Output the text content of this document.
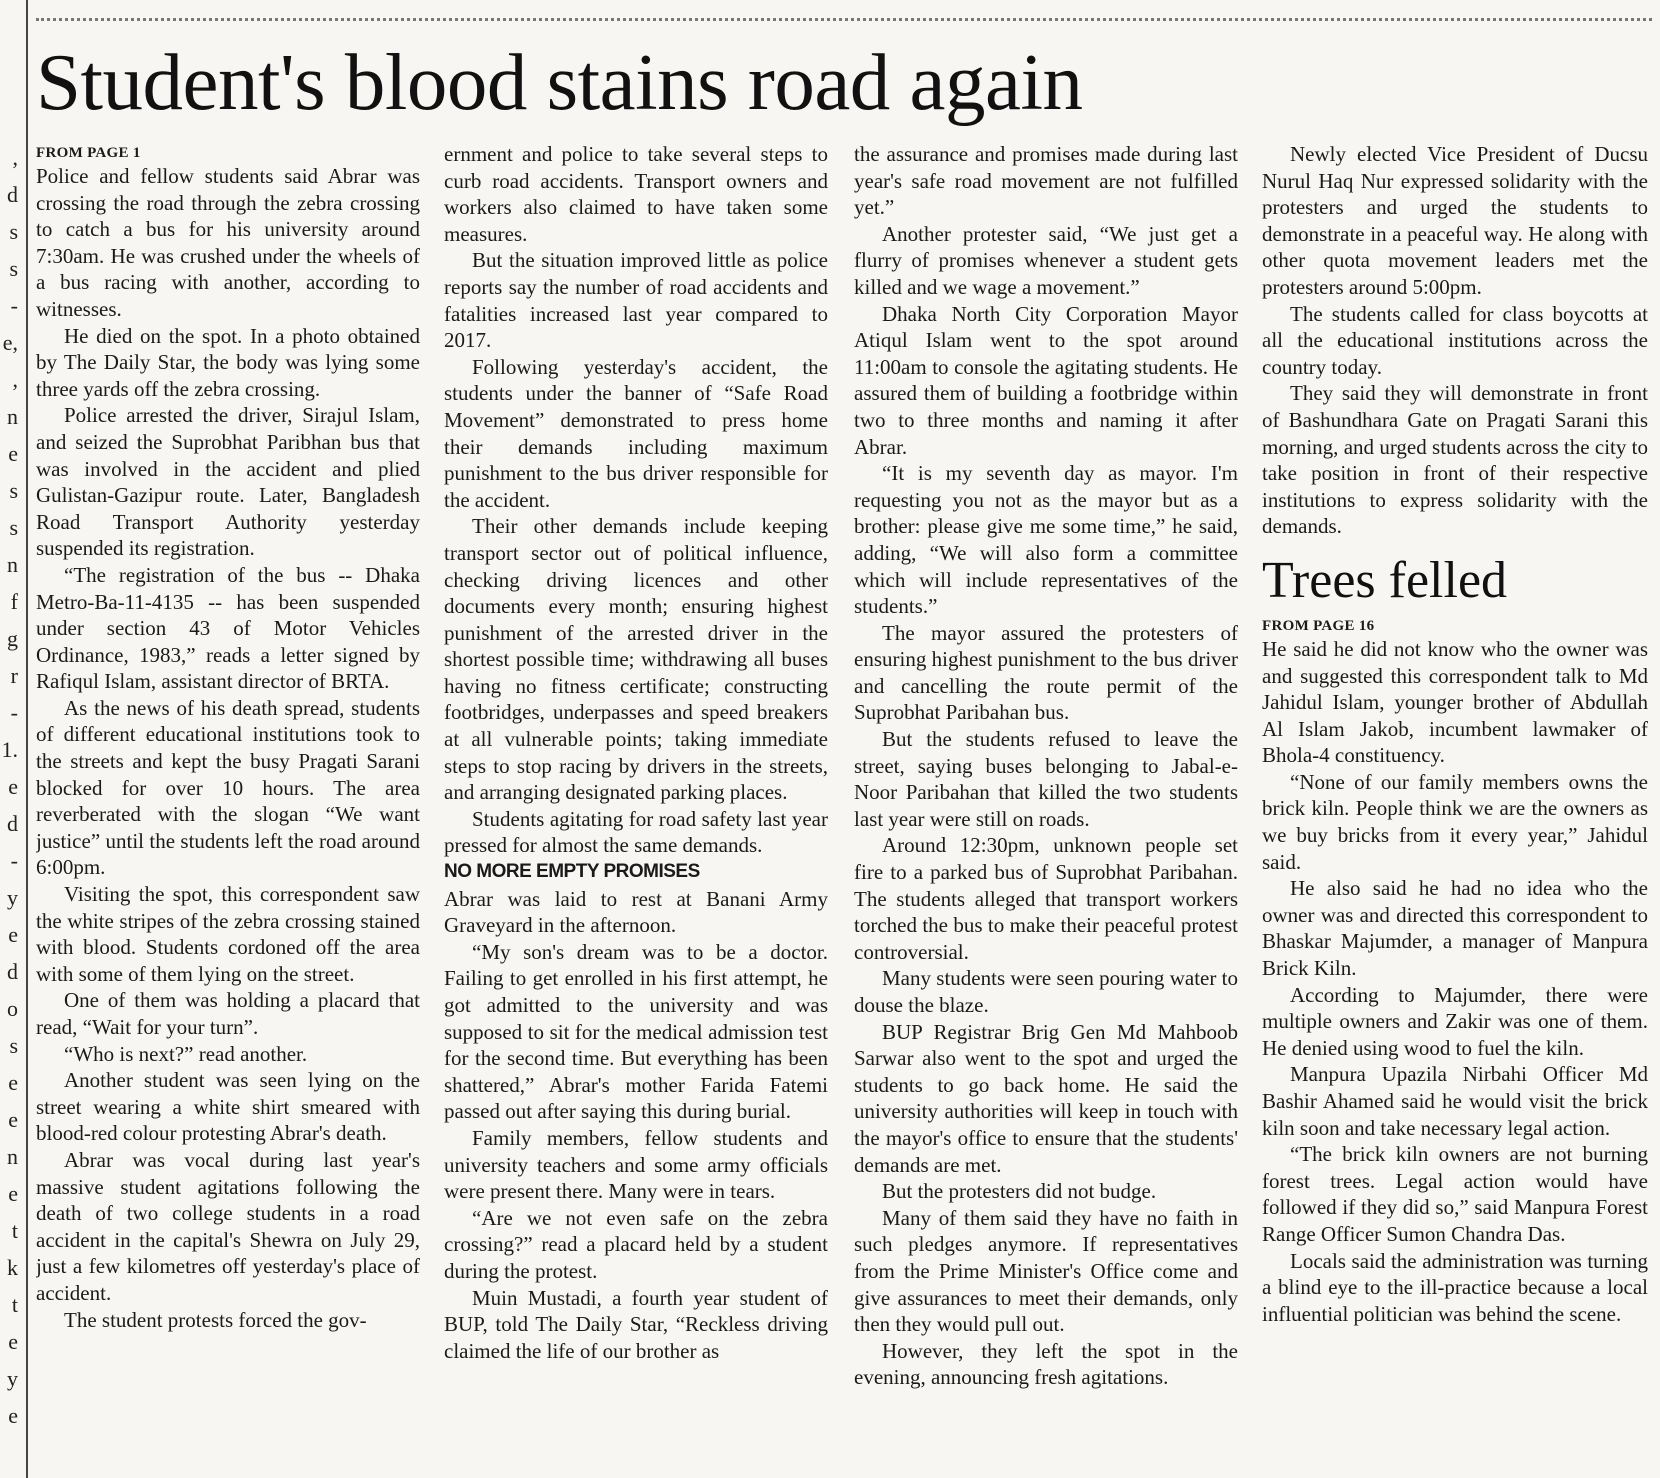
,
d
s
s
-
e,
,
n
e
s
s
n
f
g
r
-
1.
e
d
-
y
e
d
o
s
e
e
n
e
t
k
t
e
y
e
Student's blood stains road again
FROM PAGE 1

Police and fellow students said Abrar was crossing the road through the zebra crossing to catch a bus for his university around 7:30am. He was crushed under the wheels of a bus racing with another, according to witnesses.

He died on the spot. In a photo obtained by The Daily Star, the body was lying some three yards off the zebra crossing.

Police arrested the driver, Sirajul Islam, and seized the Suprobhat Paribhan bus that was involved in the accident and plied Gulistan-Gazipur route. Later, Bangladesh Road Transport Authority yesterday suspended its registration.

“The registration of the bus -- Dhaka Metro-Ba-11-4135 -- has been suspended under section 43 of Motor Vehicles Ordinance, 1983,” reads a letter signed by Rafiqul Islam, assistant director of BRTA.

As the news of his death spread, students of different educational institutions took to the streets and kept the busy Pragati Sarani blocked for over 10 hours. The area reverberated with the slogan “We want justice” until the students left the road around 6:00pm.

Visiting the spot, this correspondent saw the white stripes of the zebra crossing stained with blood. Students cordoned off the area with some of them lying on the street.

One of them was holding a placard that read, “Wait for your turn”.

“Who is next?” read another.

Another student was seen lying on the street wearing a white shirt smeared with blood-red colour protesting Abrar's death.

Abrar was vocal during last year's massive student agitations following the death of two college students in a road accident in the capital's Shewra on July 29, just a few kilometres off yesterday's place of accident.

The student protests forced the gov-

ernment and police to take several steps to curb road accidents. Transport owners and workers also claimed to have taken some measures.

But the situation improved little as police reports say the number of road accidents and fatalities increased last year compared to 2017.

Following yesterday's accident, the students under the banner of “Safe Road Movement” demonstrated to press home their demands including maximum punishment to the bus driver responsible for the accident.

Their other demands include keeping transport sector out of political influence, checking driving licences and other documents every month; ensuring highest punishment of the arrested driver in the shortest possible time; withdrawing all buses having no fitness certificate; constructing footbridges, underpasses and speed breakers at all vulnerable points; taking immediate steps to stop racing by drivers in the streets, and arranging designated parking places.

Students agitating for road safety last year pressed for almost the same demands.

NO MORE EMPTY PROMISES

Abrar was laid to rest at Banani Army Graveyard in the afternoon.

“My son's dream was to be a doctor. Failing to get enrolled in his first attempt, he got admitted to the university and was supposed to sit for the medical admission test for the second time. But everything has been shattered,” Abrar's mother Farida Fatemi passed out after saying this during burial.

Family members, fellow students and university teachers and some army officials were present there. Many were in tears.

“Are we not even safe on the zebra crossing?” read a placard held by a student during the protest.

Muin Mustadi, a fourth year student of BUP, told The Daily Star, “Reckless driving claimed the life of our brother as

the assurance and promises made during last year's safe road movement are not fulfilled yet.”

Another protester said, “We just get a flurry of promises whenever a student gets killed and we wage a movement.”

Dhaka North City Corporation Mayor Atiqul Islam went to the spot around 11:00am to console the agitating students. He assured them of building a footbridge within two to three months and naming it after Abrar.

“It is my seventh day as mayor. I'm requesting you not as the mayor but as a brother: please give me some time,” he said, adding, “We will also form a committee which will include representatives of the students.”

The mayor assured the protesters of ensuring highest punishment to the bus driver and cancelling the route permit of the Suprobhat Paribahan bus.

But the students refused to leave the street, saying buses belonging to Jabal-e-Noor Paribahan that killed the two students last year were still on roads.

Around 12:30pm, unknown people set fire to a parked bus of Suprobhat Paribahan. The students alleged that transport workers torched the bus to make their peaceful protest controversial.

Many students were seen pouring water to douse the blaze.

BUP Registrar Brig Gen Md Mahboob Sarwar also went to the spot and urged the students to go back home. He said the university authorities will keep in touch with the mayor's office to ensure that the students' demands are met.

But the protesters did not budge.

Many of them said they have no faith in such pledges anymore. If representatives from the Prime Minister's Office come and give assurances to meet their demands, only then they would pull out.

However, they left the spot in the evening, announcing fresh agitations.

Newly elected Vice President of Ducsu Nurul Haq Nur expressed solidarity with the protesters and urged the students to demonstrate in a peaceful way. He along with other quota movement leaders met the protesters around 5:00pm.

The students called for class boycotts at all the educational institutions across the country today.

They said they will demonstrate in front of Bashundhara Gate on Pragati Sarani this morning, and urged students across the city to take position in front of their respective institutions to express solidarity with the demands.

Trees felled
FROM PAGE 16

He said he did not know who the owner was and suggested this correspondent talk to Md Jahidul Islam, younger brother of Abdullah Al Islam Jakob, incumbent lawmaker of Bhola-4 constituency.

“None of our family members owns the brick kiln. People think we are the owners as we buy bricks from it every year,” Jahidul said.

He also said he had no idea who the owner was and directed this correspondent to Bhaskar Majumder, a manager of Manpura Brick Kiln.

According to Majumder, there were multiple owners and Zakir was one of them. He denied using wood to fuel the kiln.

Manpura Upazila Nirbahi Officer Md Bashir Ahamed said he would visit the brick kiln soon and take necessary legal action.

“The brick kiln owners are not burning forest trees. Legal action would have followed if they did so,” said Manpura Forest Range Officer Sumon Chandra Das.

Locals said the administration was turning a blind eye to the ill-practice because a local influential politician was behind the scene.
